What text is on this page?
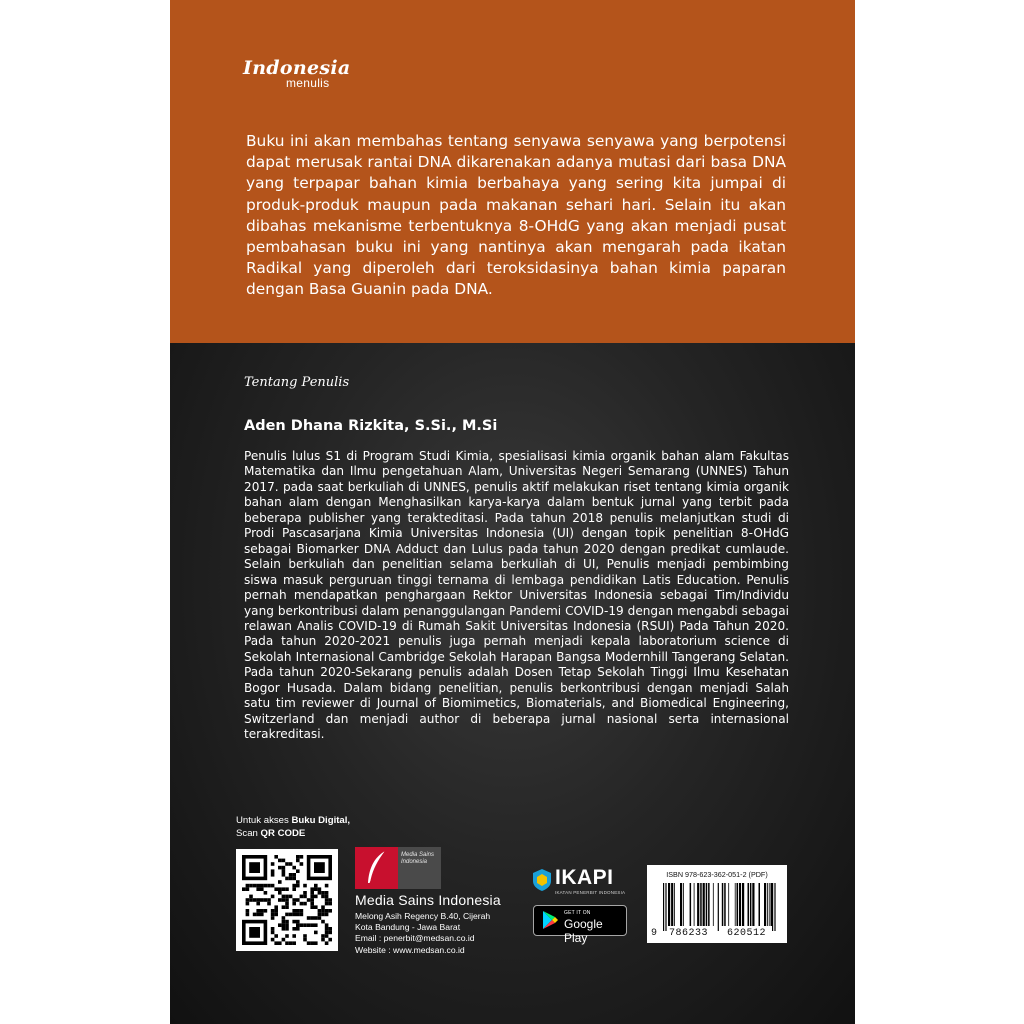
Indonesia
menulis

Buku ini akan membahas tentang senyawa senyawa yang berpotensi dapat merusak rantai DNA dikarenakan adanya mutasi dari basa DNA yang terpapar bahan kimia berbahaya yang sering kita jumpai di produk-produk maupun pada makanan sehari hari. Selain itu akan dibahas mekanisme terbentuknya 8-OHdG yang akan menjadi pusat pembahasan buku ini yang nantinya akan mengarah pada ikatan Radikal yang diperoleh dari teroksidasinya bahan kimia paparan dengan Basa Guanin pada DNA.

Tentang Penulis

Aden Dhana Rizkita, S.Si., M.Si

Penulis lulus S1 di Program Studi Kimia, spesialisasi kimia organik bahan alam Fakultas Matematika dan Ilmu pengetahuan Alam, Universitas Negeri Semarang (UNNES) Tahun 2017. pada saat berkuliah di UNNES, penulis aktif melakukan riset tentang kimia organik bahan alam dengan Menghasilkan karya-karya dalam bentuk jurnal yang terbit pada beberapa publisher yang terakteditasi. Pada tahun 2018 penulis melanjutkan studi di Prodi Pascasarjana Kimia Universitas Indonesia (UI) dengan topik penelitian 8-OHdG sebagai Biomarker DNA Adduct dan Lulus pada tahun 2020 dengan predikat cumlaude. Selain berkuliah dan penelitian selama berkuliah di UI, Penulis menjadi pembimbing siswa masuk perguruan tinggi ternama di lembaga pendidikan Latis Education. Penulis pernah mendapatkan penghargaan Rektor Universitas Indonesia sebagai Tim/Individu yang berkontribusi dalam penanggulangan Pandemi COVID-19 dengan mengabdi sebagai relawan Analis COVID-19 di Rumah Sakit Universitas Indonesia (RSUI) Pada Tahun 2020. Pada tahun 2020-2021 penulis juga pernah menjadi kepala laboratorium science di Sekolah Internasional Cambridge Sekolah Harapan Bangsa Modernhill Tangerang Selatan. Pada tahun 2020-Sekarang penulis adalah Dosen Tetap Sekolah Tinggi Ilmu Kesehatan Bogor Husada. Dalam bidang penelitian, penulis berkontribusi dengan menjadi Salah satu tim reviewer di Journal of Biomimetics, Biomaterials, and Biomedical Engineering, Switzerland dan menjadi author di beberapa jurnal nasional serta internasional terakreditasi.

Untuk akses Buku Digital,
Scan QR CODE

Media Sains Indonesia

Media Sains Indonesia

Melong Asih Regency B.40, Cijerah
Kota Bandung - Jawa Barat
Email : penerbit@medsan.co.id
Website : www.medsan.co.id

IKAPI
IKATAN PENERBIT INDONESIA
GET IT ON
Google Play

ISBN 978-623-362-051-2 (PDF)

9 786233 620512
